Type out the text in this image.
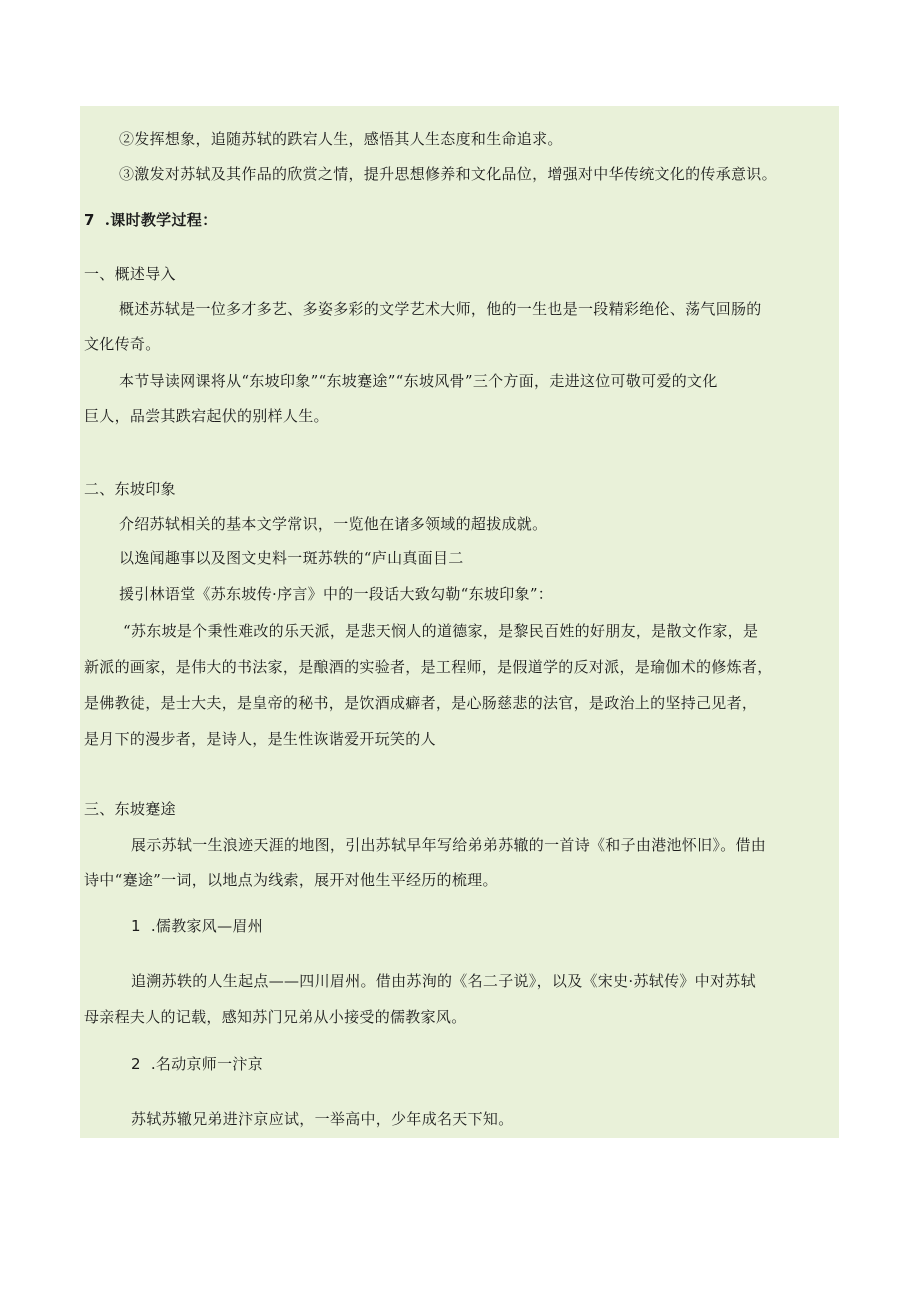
②发挥想象，追随苏轼的跌宕人生，感悟其人生态度和生命追求。
③激发对苏轼及其作品的欣赏之情，提升思想修养和文化品位，增强对中华传统文化的传承意识。
7 .课时教学过程：
一、概述导入
概述苏轼是一位多才多艺、多姿多彩的文学艺术大师，他的一生也是一段精彩绝伦、荡气回肠的
文化传奇。
本节导读网课将从“东坡印象”“东坡蹇途”“东坡风骨”三个方面，走进这位可敬可爱的文化
巨人，品尝其跌宕起伏的别样人生。
二、东坡印象
介绍苏轼相关的基本文学常识，一览他在诸多领域的超拔成就。
以逸闻趣事以及图文史料一斑苏轶的“庐山真面目二
援引林语堂《苏东坡传·序言》中的一段话大致勾勒“东坡印象”：
“苏东坡是个秉性难改的乐天派，是悲天悯人的道德家，是黎民百姓的好朋友，是散文作家，是
新派的画家，是伟大的书法家，是酿酒的实验者，是工程师，是假道学的反对派，是瑜伽术的修炼者，
是佛教徒，是士大夫，是皇帝的秘书，是饮酒成癖者，是心肠慈悲的法官，是政治上的坚持己见者，
是月下的漫步者，是诗人，是生性诙谐爱开玩笑的人
三、东坡蹇途
展示苏轼一生浪迹天涯的地图，引出苏轼早年写给弟弟苏辙的一首诗《和子由港池怀旧》。借由
诗中“蹇途”一词，以地点为线索，展开对他生平经历的梳理。
1 .儒教家风—眉州
追溯苏轶的人生起点——四川眉州。借由苏洵的《名二子说》，以及《宋史·苏轼传》中对苏轼
母亲程夫人的记载，感知苏门兄弟从小接受的儒教家风。
2 .名动京师一汴京
苏轼苏辙兄弟进汴京应试，一举高中，少年成名天下知。
